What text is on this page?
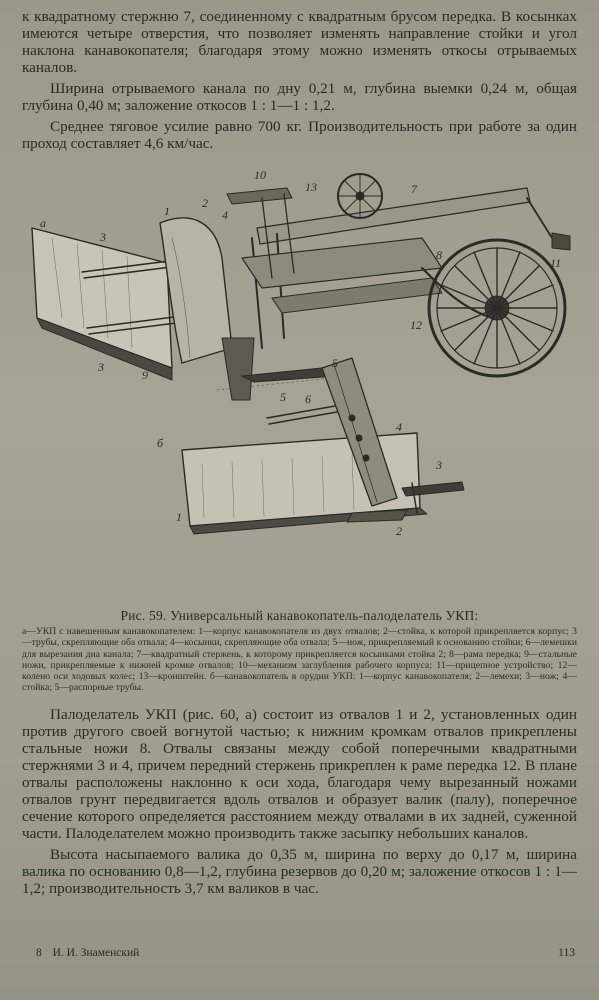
к квадратному стержню 7, соединенному с квадратным брусом передка. В косынках имеются четыре отверстия, что позволяет изменять направление стойки и угол наклона канавокопателя; благодаря этому можно изменять откосы отрываемых каналов.

Ширина отрываемого канала по дну 0,21 м, глубина выемки 0,24 м, общая глубина 0,40 м; заложение откосов 1 : 1—1 : 1,2.

Среднее тяговое усилие равно 700 кг. Производительность при работе за один проход составляет 4,6 км/час.

а
б
10
13	7
1
2
4
3
8
11
12
3
9
5
6
5
4
3
1
2
Рис. 59. Универсальный канавокопатель-палоделатель УКП:

а—УКП с навешенным канавокопателем: 1—корпус канавокопателя из двух отвалов; 2—стойка, к которой прикрепляется корпус; 3—трубы, скрепляющие оба отвала; 4—косынки, скрепляющие оба отвала; 5—нож, прикрепляемый к основанию стойки; 6—лемешки для вырезания дна канала; 7—квадратный стержень, к которому прикрепляется косынками стойка 2; 8—рама передка; 9—стальные ножи, прикрепляемые к нижней кромке отвалов; 10—механизм заглубления рабочего корпуса; 11—прицепное устройство; 12—колено оси ходовых колес; 13—кронштейн. б—канавокопатель в орудии УКП: 1—корпус канавокопателя; 2—лемехи; 3—нож; 4—стойка; 5—распорные трубы.

Палоделатель УКП (рис. 60, а) состоит из отвалов 1 и 2, установленных один против другого своей вогнутой частью; к нижним кромкам отвалов прикреплены стальные ножи 8. Отвалы связаны между собой поперечными квадратными стержнями 3 и 4, причем передний стержень прикреплен к раме передка 12. В плане отвалы расположены наклонно к оси хода, благодаря чему вырезанный ножами отвалов грунт передвигается вдоль отвалов и образует валик (палу), поперечное сечение которого определяется расстоянием между отвалами в их задней, суженной части. Палоделателем можно производить также засыпку небольших каналов.

Высота насыпаемого валика до 0,35 м, ширина по верху до 0,17 м, ширина валика по основанию 0,8—1,2, глубина резервов до 0,20 м; заложение откосов 1 : 1—1,2; производительность 3,7 км валиков в час.

8 И. И. Знаменский	113
